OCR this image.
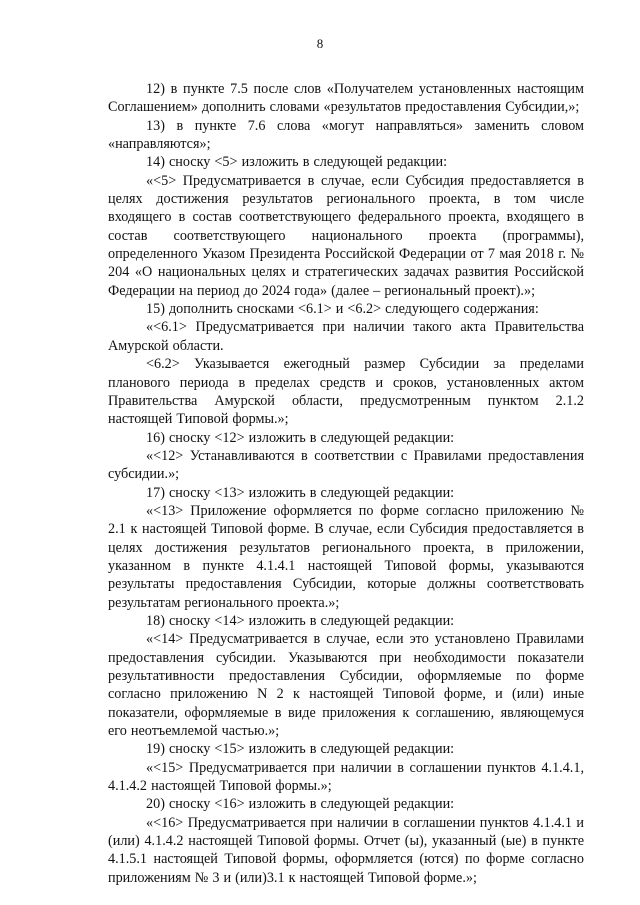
8

12) в пункте 7.5 после слов «Получателем установленных настоящим Соглашением» дополнить словами «результатов предоставления Субсидии,»;

13) в пункте 7.6 слова «могут направляться» заменить словом «направляются»;

14) сноску <5> изложить в следующей редакции:

«<5> Предусматривается в случае, если Субсидия предоставляется в целях достижения результатов регионального проекта, в том числе входящего в состав соответствующего федерального проекта, входящего в состав соответствующего национального проекта (программы), определенного Указом Президента Российской Федерации от 7 мая 2018 г. № 204 «О национальных целях и стратегических задачах развития Российской Федерации на период до 2024 года» (далее – региональный проект).»;

15) дополнить сносками <6.1> и <6.2> следующего содержания:

«<6.1> Предусматривается при наличии такого акта Правительства Амурской области.

<6.2> Указывается ежегодный размер Субсидии за пределами планового периода в пределах средств и сроков, установленных актом Правительства Амурской области, предусмотренным пунктом 2.1.2 настоящей Типовой формы.»;

16) сноску <12> изложить в следующей редакции:

«<12> Устанавливаются в соответствии с Правилами предоставления субсидии.»;

17) сноску <13> изложить в следующей редакции:

«<13> Приложение оформляется по форме согласно приложению № 2.1 к настоящей Типовой форме. В случае, если Субсидия предоставляется в целях достижения результатов регионального проекта, в приложении, указанном в пункте 4.1.4.1 настоящей Типовой формы, указываются результаты предоставления Субсидии, которые должны соответствовать результатам регионального проекта.»;

18) сноску <14> изложить в следующей редакции:

«<14> Предусматривается в случае, если это установлено Правилами предоставления субсидии. Указываются при необходимости показатели результативности предоставления Субсидии, оформляемые по форме согласно приложению N 2 к настоящей Типовой форме, и (или) иные показатели, оформляемые в виде приложения к соглашению, являющемуся его неотъемлемой частью.»;

19) сноску <15> изложить в следующей редакции:

«<15> Предусматривается при наличии в соглашении пунктов 4.1.4.1, 4.1.4.2 настоящей Типовой формы.»;

20) сноску <16> изложить в следующей редакции:

«<16> Предусматривается при наличии в соглашении пунктов 4.1.4.1 и (или) 4.1.4.2 настоящей Типовой формы. Отчет (ы), указанный (ые) в пункте 4.1.5.1 настоящей Типовой формы, оформляется (ются) по форме согласно приложениям № 3 и (или)3.1 к настоящей Типовой форме.»;
